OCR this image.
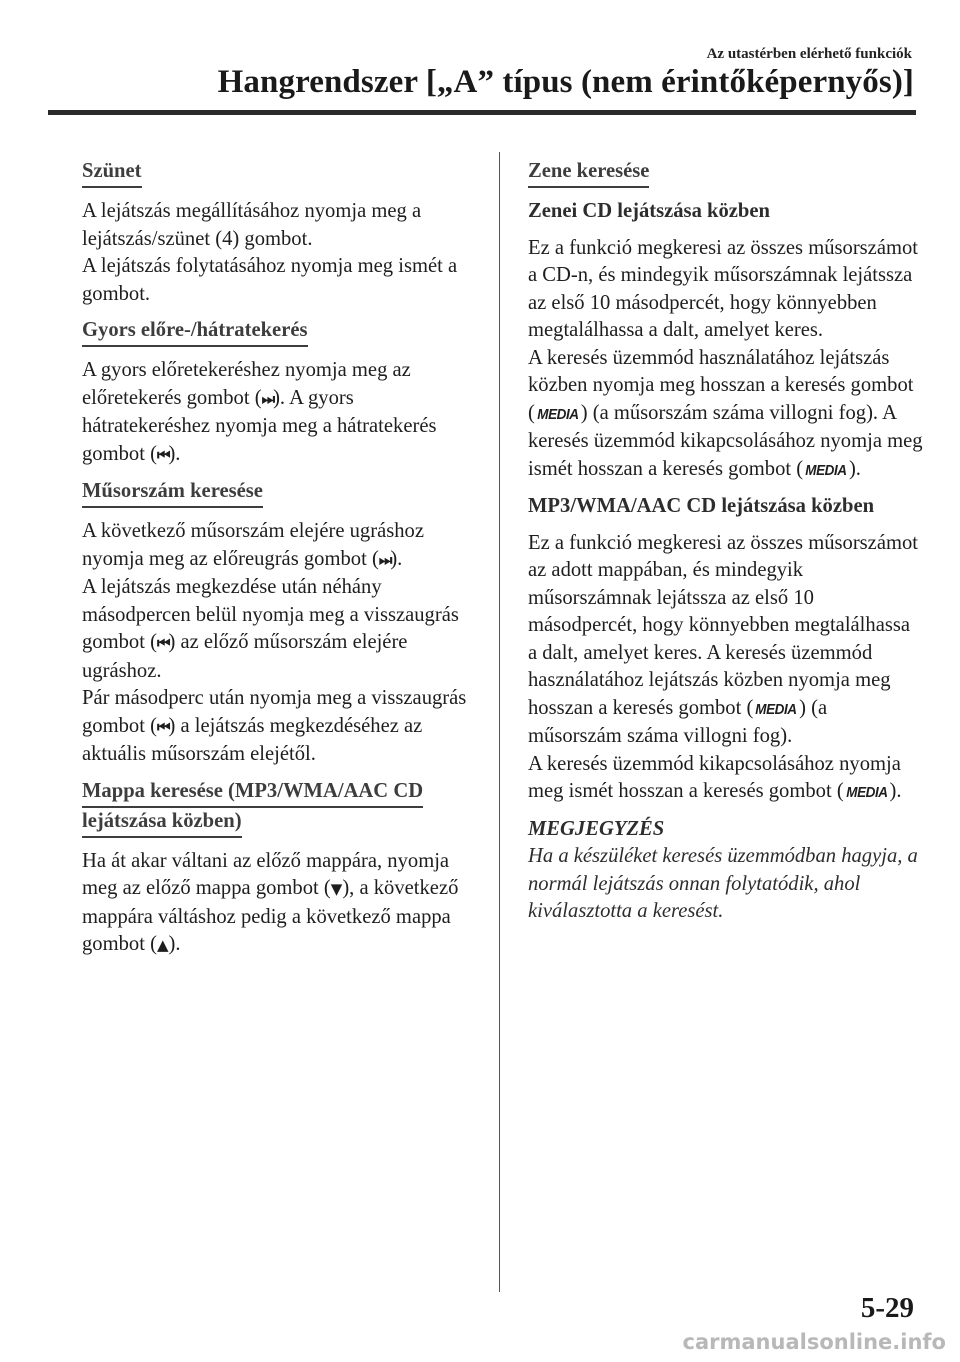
Az utastérben elérhető funkciók
Hangrendszer [„A” típus (nem érintőképernyős)]
Szünet

A lejátszás megállításához nyomja meg a lejátszás/szünet (4) gombot.
A lejátszás folytatásához nyomja meg ismét a gombot.

Gyors előre-/hátratekerés

A gyors előretekeréshez nyomja meg az előretekerés gombot (⏭). A gyors hátratekeréshez nyomja meg a hátratekerés gombot (⏮).

Műsorszám keresése

A következő műsorszám elejére ugráshoz nyomja meg az előreugrás gombot (⏭).
A lejátszás megkezdése után néhány másodpercen belül nyomja meg a visszaugrás gombot (⏮) az előző műsorszám elejére ugráshoz.
Pár másodperc után nyomja meg a visszaugrás gombot (⏮) a lejátszás megkezdéséhez az aktuális műsorszám elejétől.

Mappa keresése (MP3/WMA/AAC CD
lejátszása közben)

Ha át akar váltani az előző mappára, nyomja meg az előző mappa gombot (▼), a következő mappára váltáshoz pedig a következő mappa gombot (▲).

Zene keresése
Zenei CD lejátszása közben

Ez a funkció megkeresi az összes műsorszámot a CD-n, és mindegyik műsorszámnak lejátssza az első 10 másodpercét, hogy könnyebben megtalálhassa a dalt, amelyet keres.
A keresés üzemmód használatához lejátszás közben nyomja meg hosszan a keresés gombot ( MEDIA ) (a műsorszám száma villogni fog). A keresés üzemmód kikapcsolásához nyomja meg ismét hosszan a keresés gombot ( MEDIA ).

MP3/WMA/AAC CD lejátszása közben

Ez a funkció megkeresi az összes műsorszámot az adott mappában, és mindegyik műsorszámnak lejátssza az első 10 másodpercét, hogy könnyebben megtalálhassa a dalt, amelyet keres. A keresés üzemmód használatához lejátszás közben nyomja meg hosszan a keresés gombot ( MEDIA ) (a műsorszám száma villogni fog).
A keresés üzemmód kikapcsolásához nyomja meg ismét hosszan a keresés gombot ( MEDIA ).

MEGJEGYZÉS
Ha a készüléket keresés üzemmódban hagyja, a normál lejátszás onnan folytatódik, ahol kiválasztotta a keresést.
5-29
carmanualsonline.info
